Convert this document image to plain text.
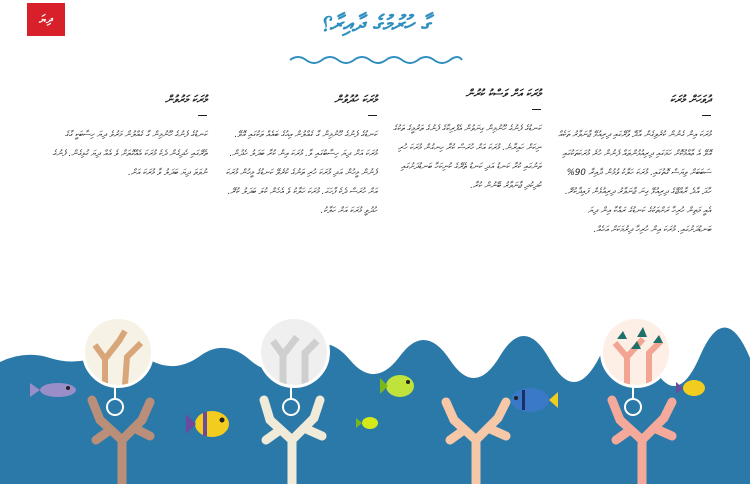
ދިޔަ	ގާ ހުރުމުގެ ދާއިރާ؟
ދުވަހަށް މުރަކަ

މުރަކަ އިން ގެނުން ކުރެވިގެން އާދޭ ވާރޭގައި ދިރިއުޅޭ ޖާނަވާރު ތަކެއް އޮވޭ އެ ޢާއްމުކޮށް ހަމަގައި ދިރިއުޅުންތައް ފެނުން ހުރެ މުރަކަތަކުގައި ސަބަބަށް ވިޔަސް ގޮތުގައި. މުރަކަ ހަލާކު ވުމުން ދާއިރާ 90% ހާދަ އާދެ ރާއްޖޭގެ ދިރިއުޅޭ ގިނަ ޖާނަވާރު ދިރިއުޅެން ފައިދާކުރޭ. އެއީ މަތިން ހުރިހާ ރަށްތަކުގެ ކަނޑުގެ ރައްކާ އިން ދިޔަ ބަނޑުދަށުގައި. މުރަކަ އިން ހުރިހާ ދިރުމަކަށް އަހެއް.

މުރަކަ އަށް ވަސްކު ކުރުން

ކަނޑުގެ ފެނުގެ ހޫނުމިން ގިނަވުން އެފްރިކާގެ ފެނުގެ ތަރުމީގެ ތަކުގެ ނިކަށް ހައިރާނެ. މުރަކަ އަށް ހުރަސް ކުރާ ހިނގުން މުރަކަ ހުރި ތަނުގައި ކުރާ ކަނޑު އަދި ކަނޑު ތެރޭގެ ކުނިކަހާ ބަނޑުދަށުގައި ކުދިކުދި ޖާނަވާރު ބޭނުން ކުރާ.

މުރަކަ ހުދުވުން

ކަނޑުގެ ފެނުގެ ހޫނުމިން ގާ ގެއްލުން އިޙުގެ ބައެއް ތަކުގައި އޮވޭ. މުރަކަ އަށް ދިޔަ ހިސާބުގައި ވާ. މުރަކަ އިން ކުރާ ބަދަލު ހެދުން. ފެނުން މީހުން އަދި މުރަކަ ހުރި ތަނުގެ ކުރެވޭ ކަނޑުގެ މީހުން މުރަކަ އަށް ހުރަސް ދެކެ ފާހަގަ. މުރަކަ ހަލާކު ވެ އެހެން ކުލަ ބަދަލު ކުރޭ. ހުދުވީ މުރަކަ އަށް ހަލާކު.

މުރަކަ މަރުވުން

ކަނޑުގެ ފެނުގެ ހޫނުމިން ގާ ގެއްލުން މަރުވެ ދިޔަ ހިސާބަކީ ގާގެ ތެރޭގައި ހެދިގެން ދެކެ މުރަކަ އެއްގޮތަށް ވެ އެއް ދިޔަ ގުޅިގެން. ފެނުގެ ނުވަތަ ދިޔަ ބަދަލު ވާ މުރަކަ އަށް.
